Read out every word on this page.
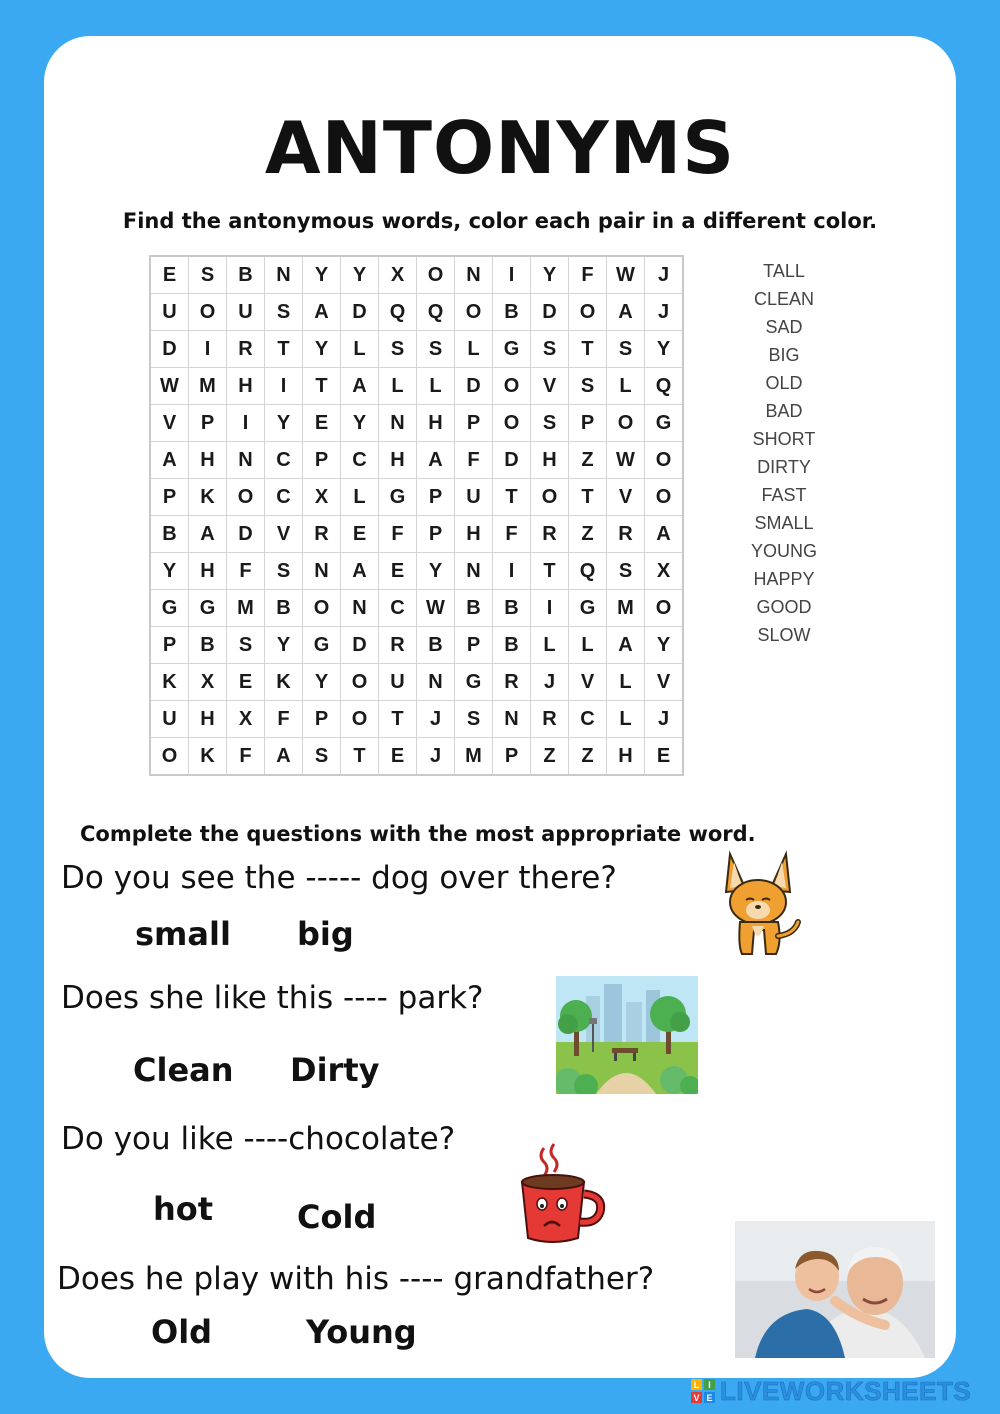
ANTONYMS
Find the antonymous words, color each pair in a different color.
E	S	B	N	Y	Y	X	O	N	I	Y	F	W	J
U	O	U	S	A	D	Q	Q	O	B	D	O	A	J
D	I	R	T	Y	L	S	S	L	G	S	T	S	Y
W	M	H	I	T	A	L	L	D	O	V	S	L	Q
V	P	I	Y	E	Y	N	H	P	O	S	P	O	G
A	H	N	C	P	C	H	A	F	D	H	Z	W	O
P	K	O	C	X	L	G	P	U	T	O	T	V	O
B	A	D	V	R	E	F	P	H	F	R	Z	R	A
Y	H	F	S	N	A	E	Y	N	I	T	Q	S	X
G	G	M	B	O	N	C	W	B	B	I	G	M	O
P	B	S	Y	G	D	R	B	P	B	L	L	A	Y
K	X	E	K	Y	O	U	N	G	R	J	V	L	V
U	H	X	F	P	O	T	J	S	N	R	C	L	J
O	K	F	A	S	T	E	J	M	P	Z	Z	H	E
TALL
CLEAN
SAD
BIG
OLD
BAD
SHORT
DIRTY
FAST
SMALL
YOUNG
HAPPY
GOOD
SLOW
Complete the questions with the most appropriate word.
Do you see the ----- dog over there?
small big
Does she like this ---- park?
Clean Dirty
Do you like ----chocolate?
hot	Cold
Does he play with his ---- grandfather?
Old	Young
L I
V E LIVEWORKSHEETS
